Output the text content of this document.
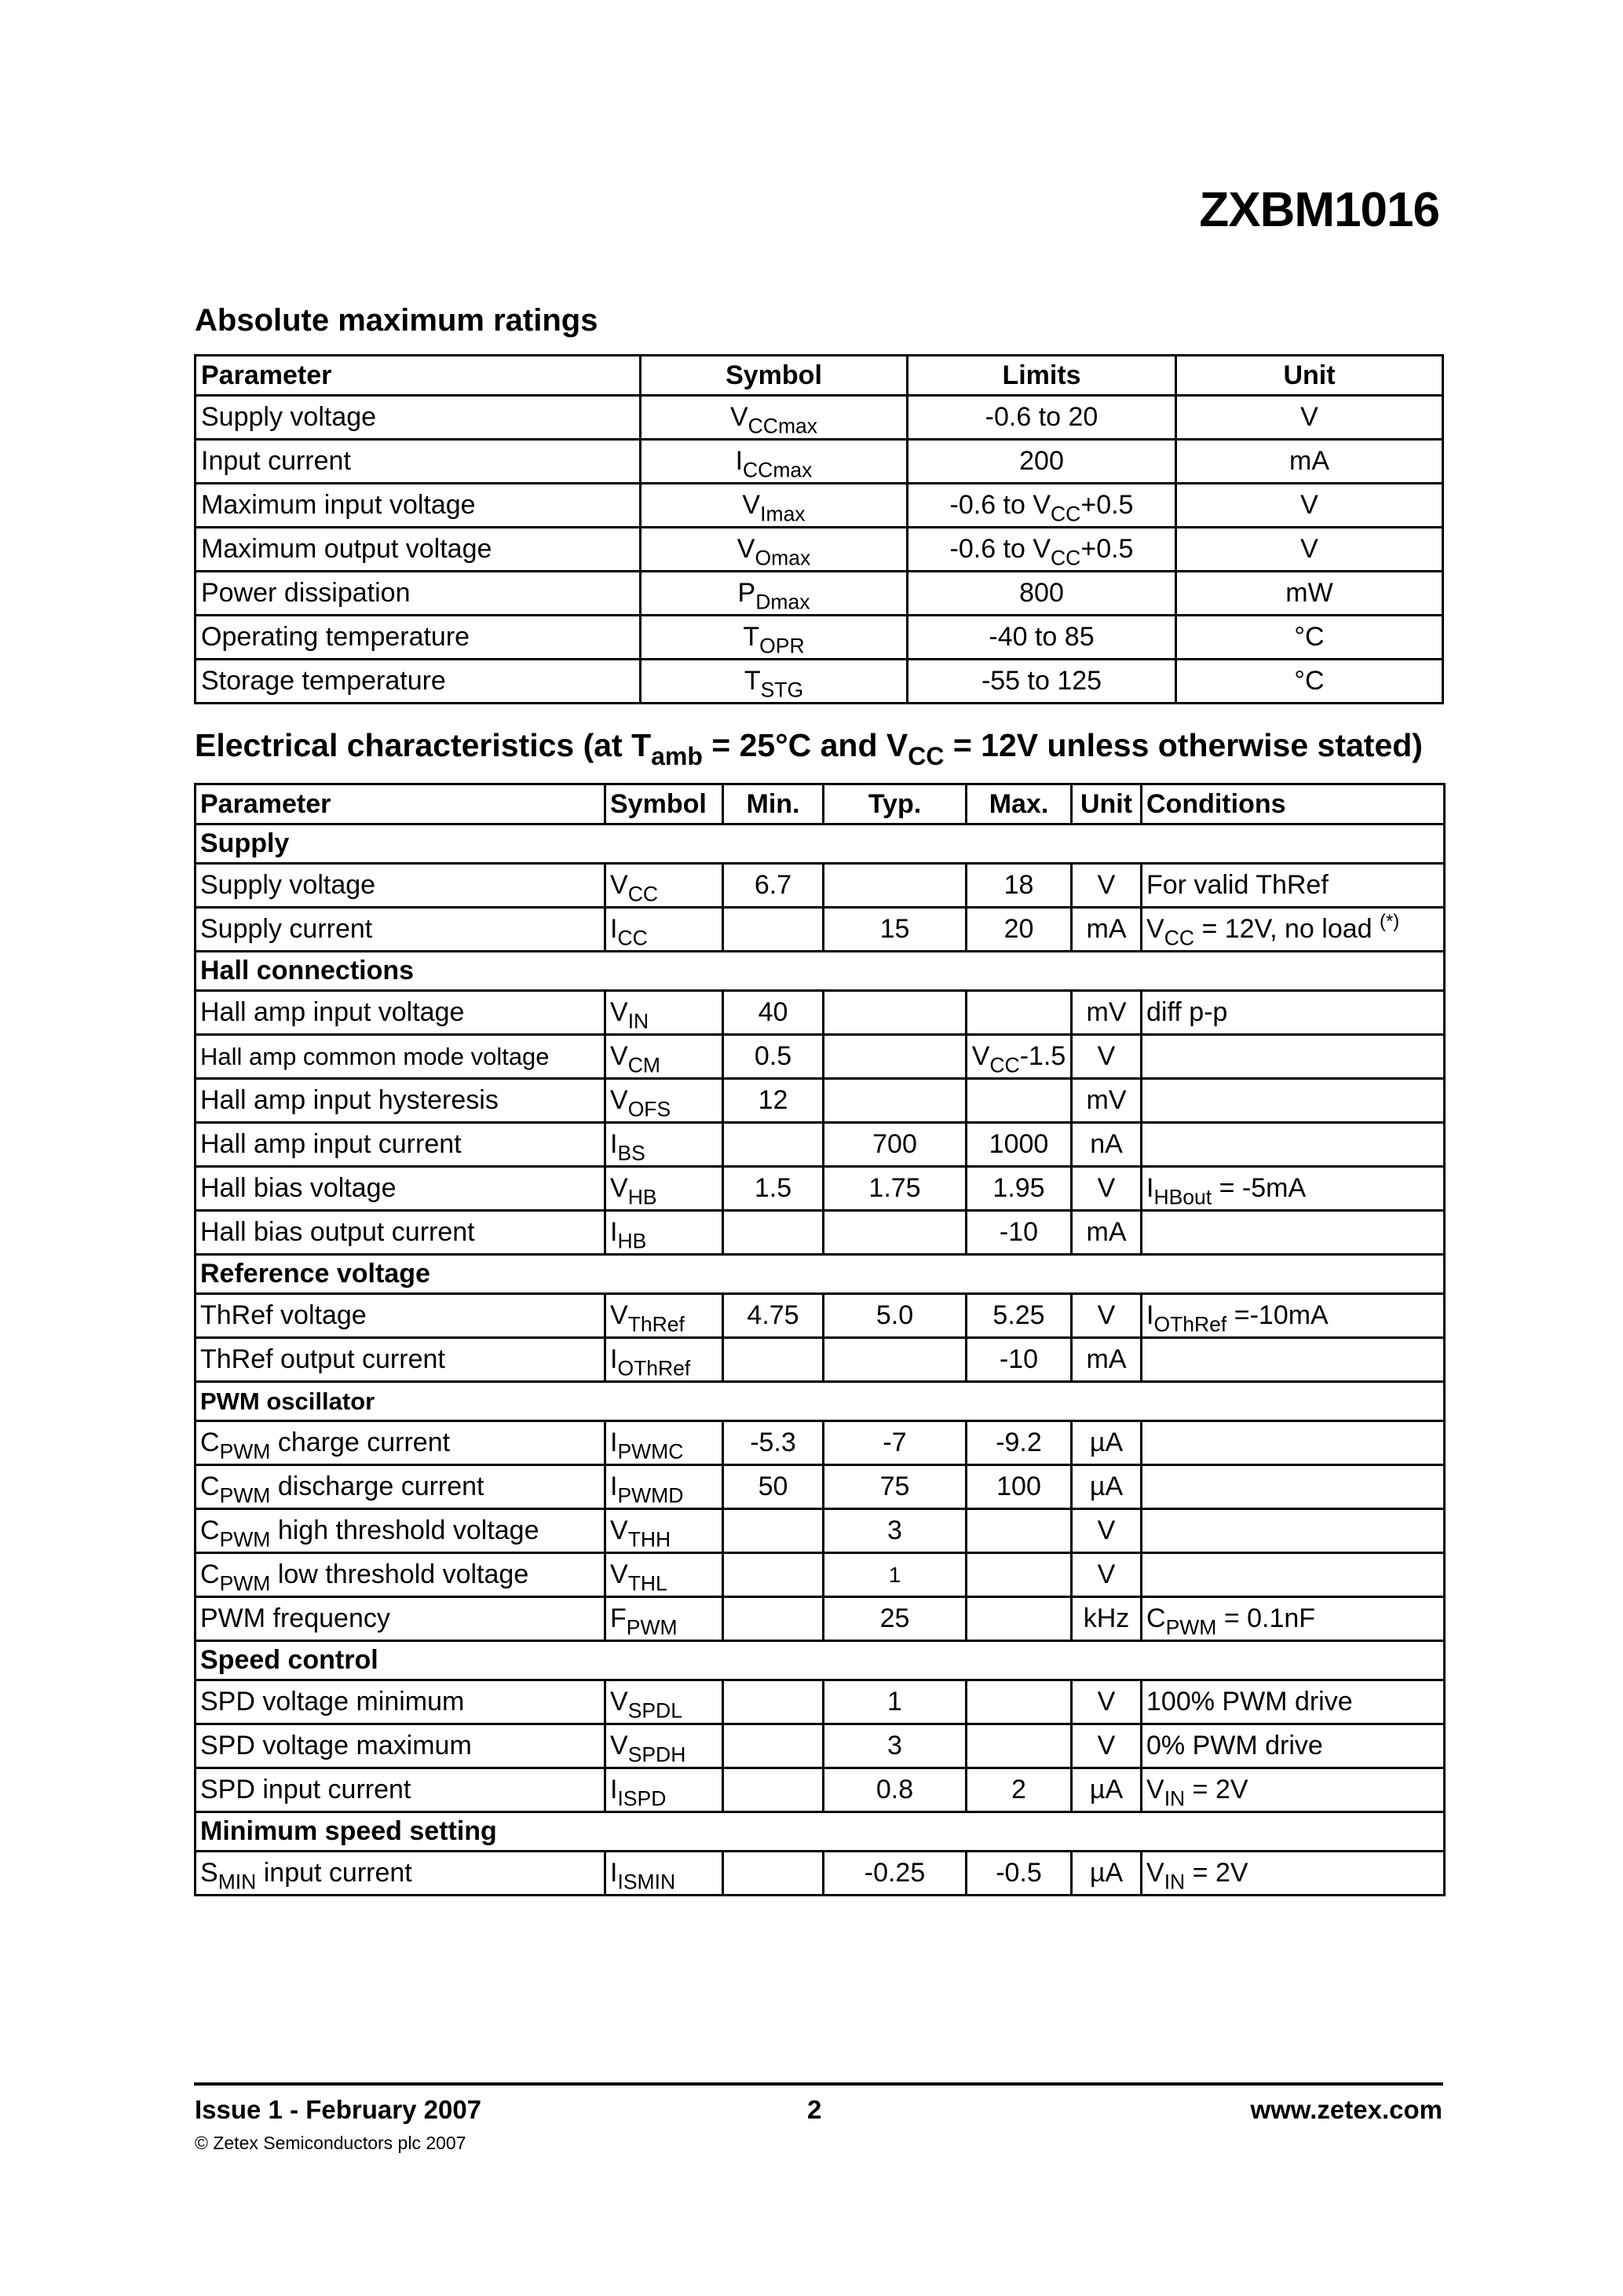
ZXBM1016
Absolute maximum ratings
Parameter	Symbol	Limits	Unit
Supply voltage	$V_{CCmax}$	-0.6 to 20	V
Input current	$I_{CCmax}$	200	mA
Maximum input voltage	$V_{Imax}$	-0.6 to $V_{CC}+0.5$	V
Maximum output voltage	$V_{Omax}$	-0.6 to $V_{CC}+0.5$	V
Power dissipation	$P_{Dmax}$	800	mW
Operating temperature	$T_{OPR}$	-40 to 85	°C
Storage temperature	$T_{STG}$	-55 to 125	°C
Electrical characteristics (at $T_{amb} = 25^\circ C$ and $V_{CC} = 12V$ unless otherwise stated)
Parameter	Symbol	Min.	Typ.	Max.	Unit	Conditions
Supply						
Supply voltage	$V_{CC}$	6.7		18	V	For valid ThRef
Supply current	$I_{CC}$		15	20	mA	$V_{CC} = 12V$, no load (*)
Hall connections						
Hall amp input voltage	$V_{IN}$	40			mV	diff p-p
Hall amp common mode voltage	$V_{CM}$	0.5		$V_{CC}-1.5$	V	
Hall amp input hysteresis	$V_{OFS}$	12			mV	
Hall amp input current	$I_{BS}$		700	1000	nA	
Hall bias voltage	$V_{HB}$	1.5	1.75	1.95	V	$I_{HBout} = -5mA$
Hall bias output current	$I_{HB}$			-10	mA	
Reference voltage						
ThRef voltage	$V_{ThRef}$	4.75	5.0	5.25	V	$I_{OThRef} =-10mA$
ThRef output current	$I_{OThRef}$			-10	mA	
PWM oscillator						
$C_{PWM}$ charge current	$I_{PWMC}$	-5.3	-7	-9.2	µA	
$C_{PWM}$ discharge current	$I_{PWMD}$	50	75	100	µA	
$C_{PWM}$ high threshold voltage	$V_{THH}$		3		V	
$C_{PWM}$ low threshold voltage	$V_{THL}$		1		V	
PWM frequency	$F_{PWM}$		25		kHz	$C_{PWM} = 0.1nF$
Speed control						
SPD voltage minimum	$V_{SPDL}$		1		V	100% PWM drive
SPD voltage maximum	$V_{SPDH}$		3		V	0% PWM drive
SPD input current	$I_{ISPD}$		0.8	2	µA	$V_{IN} = 2V$
Minimum speed setting						
$S_{MIN}$ input current	$I_{ISMIN}$		-0.25	-0.5	µA	$V_{IN} = 2V$
Issue 1 - February 2007	2	www.zetex.com
© Zetex Semiconductors plc 2007
